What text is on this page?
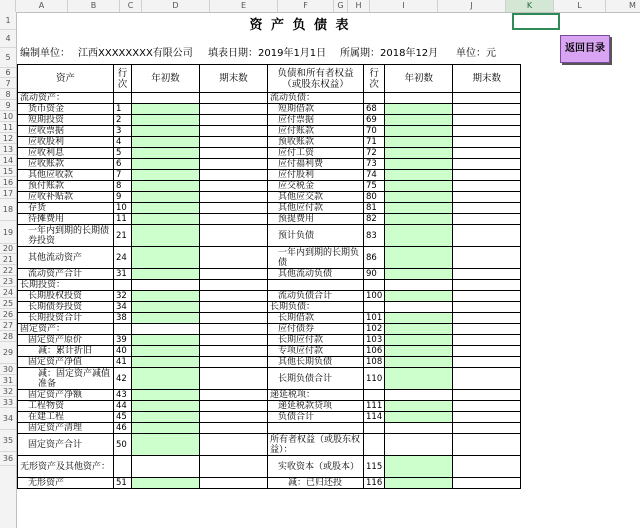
A	B	C	D	E	F	G	H	I	J	K	L	M
1
4
5
6
7
8
9
10
11
12
13
14
15
16
17
18
19
20
21
22
23
24
25
26
27
28
29
30
31
32
33
34
35
36
资 产 负 债 表
编制单位： 江西XXXXXXXX有限公司 填表日期：2019年1月1日 所属期：2018年12月 单位：元	返回目录
资产	行次	年初数	期末数	负债和所有者权益（或股东权益）	行次	年初数	期末数
流动资产：				流动负债：			
货币资金	1			短期借款	68		
短期投资	2			应付票据	69		
应收票据	3			应付账款	70		
应收股利	4			预收账款	71		
应收利息	5			应付工资	72		
应收账款	6			应付福利费	73		
其他应收款	7			应付股利	74		
预付账款	8			应交税金	75		
应收补贴款	9			其他应交款	80		
存货	10			其他应付款	81		
待摊费用	11			预提费用	82		
一年内到期的长期债券投资	21			预计负债	83		
其他流动资产	24			一年内到期的长期负债	86		
流动资产合计	31			其他流动负债	90		
长期投资：							
长期股权投资	32			流动负债合计	100		
长期债券投资	34			长期负债：			
长期投资合计	38			长期借款	101		
固定资产：				应付债券	102		
固定资产原价	39			长期应付款	103		
减：累计折旧	40			专项应付款	106		
固定资产净值	41			其他长期负债	108		
减：固定资产减值准备	42			长期负债合计	110		
固定资产净额	43			递延税项：			
工程物资	44			递延税款贷项	111		
在建工程	45			负债合计	114		
固定资产清理	46						
固定资产合计	50			所有者权益（或股东权益）：			
无形资产及其他资产：				实收资本（或股本）	115		
无形资产	51			减：已归还投	116		
